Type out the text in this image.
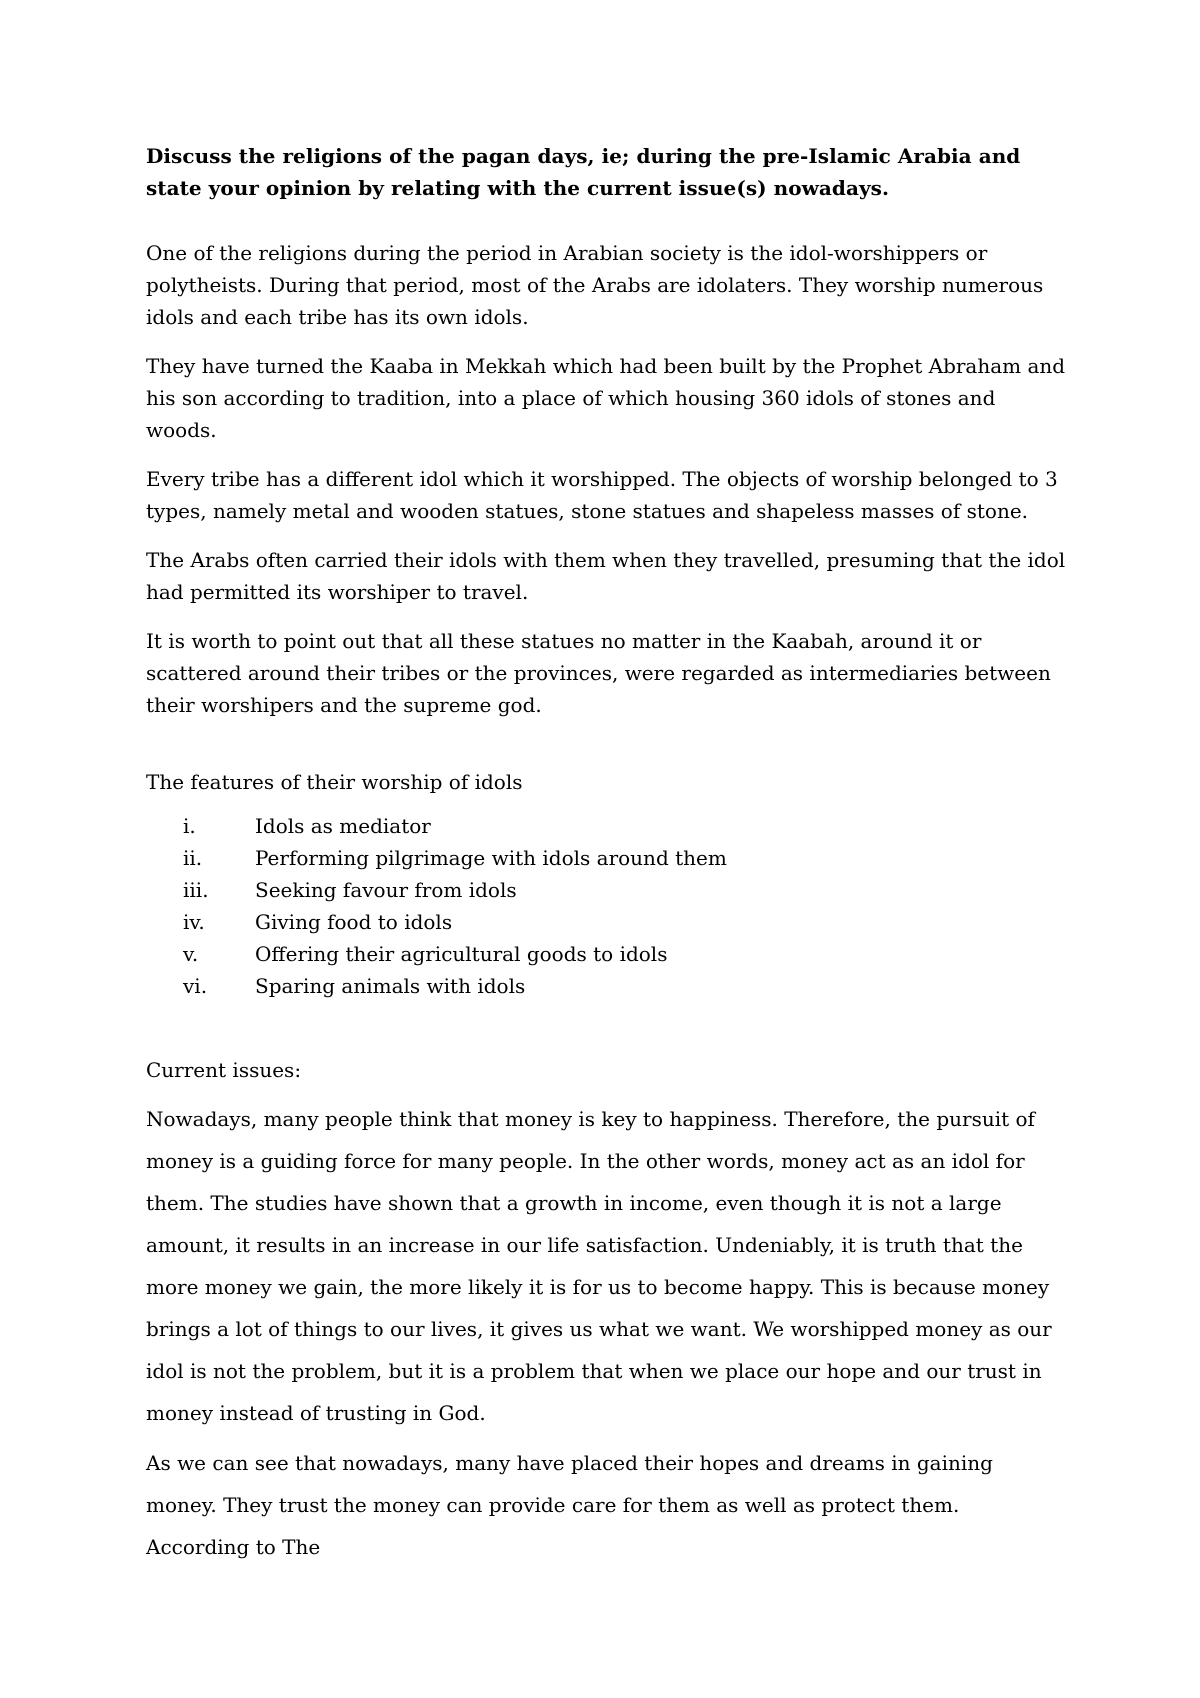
Discuss the religions of the pagan days, ie; during the pre-Islamic Arabia and state your opinion by relating with the current issue(s) nowadays.

One of the religions during the period in Arabian society is the idol-worshippers or polytheists. During that period, most of the Arabs are idolaters. They worship numerous idols and each tribe has its own idols.

They have turned the Kaaba in Mekkah which had been built by the Prophet Abraham and his son according to tradition, into a place of which housing 360 idols of stones and woods.

Every tribe has a different idol which it worshipped. The objects of worship belonged to 3 types, namely metal and wooden statues, stone statues and shapeless masses of stone.

The Arabs often carried their idols with them when they travelled, presuming that the idol had permitted its worshiper to travel.

It is worth to point out that all these statues no matter in the Kaabah, around it or scattered around their tribes or the provinces, were regarded as intermediaries between their worshipers and the supreme god.

The features of their worship of idols

i.	Idols as mediator
ii.	Performing pilgrimage with idols around them
iii.	Seeking favour from idols
iv.	Giving food to idols
v.	Offering their agricultural goods to idols
vi.	Sparing animals with idols

Current issues:

Nowadays, many people think that money is key to happiness. Therefore, the pursuit of money is a guiding force for many people. In the other words, money act as an idol for them. The studies have shown that a growth in income, even though it is not a large amount, it results in an increase in our life satisfaction. Undeniably, it is truth that the more money we gain, the more likely it is for us to become happy. This is because money brings a lot of things to our lives, it gives us what we want. We worshipped money as our idol is not the problem, but it is a problem that when we place our hope and our trust in money instead of trusting in God.

As we can see that nowadays, many have placed their hopes and dreams in gaining money. They trust the money can provide care for them as well as protect them. According to The
